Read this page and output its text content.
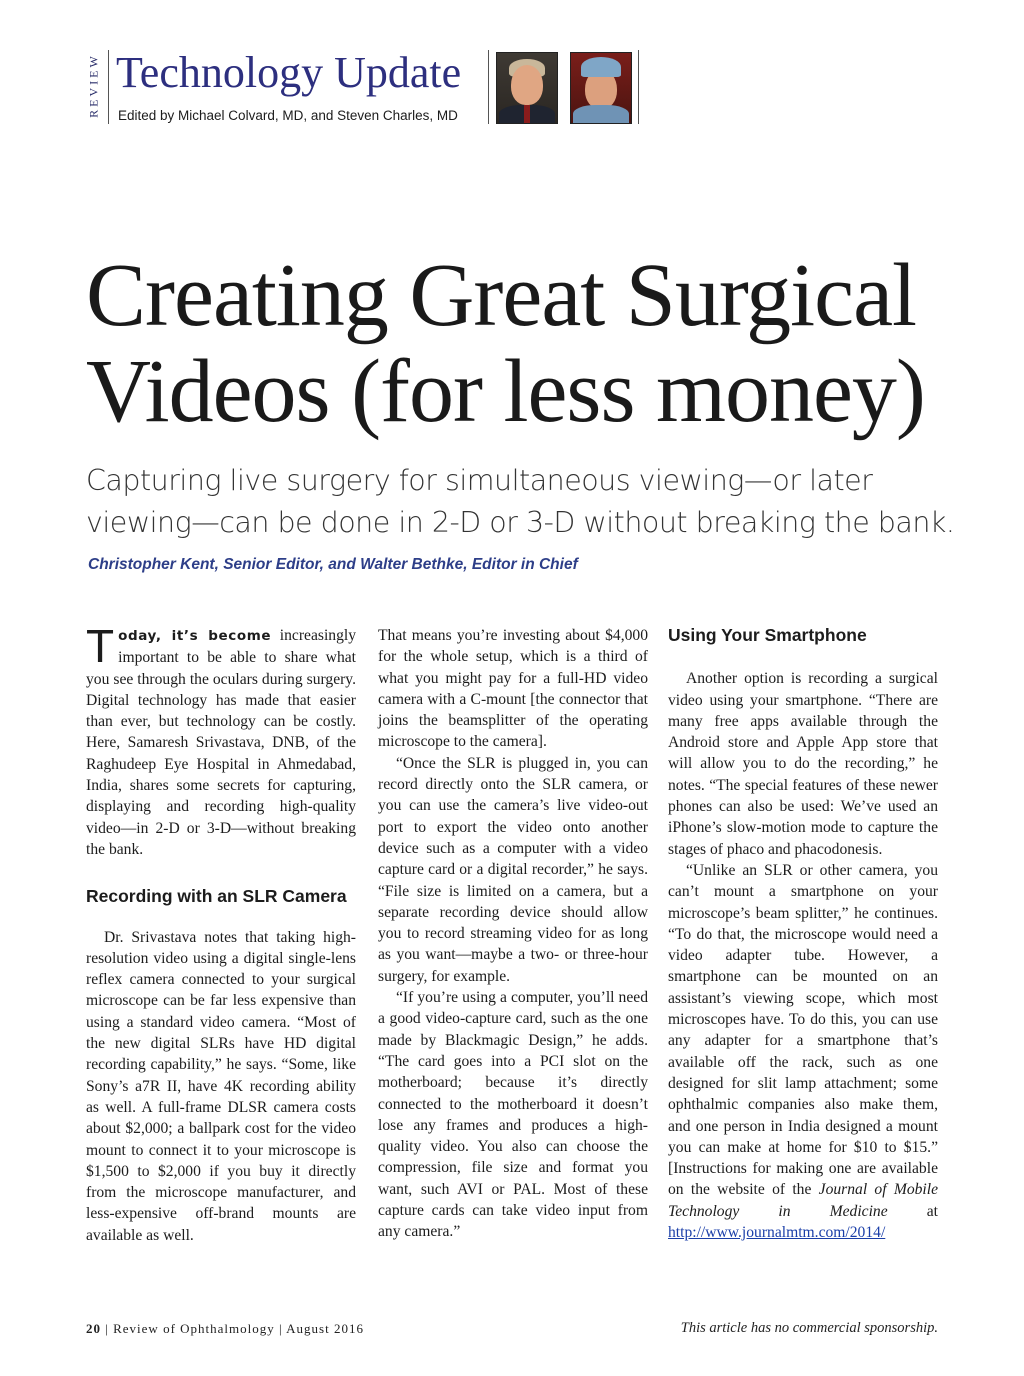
REVIEW Technology Update
Edited by Michael Colvard, MD, and Steven Charles, MD
Creating Great Surgical
Videos (for less money)
Capturing live surgery for simultaneous viewing—or later viewing—can be done in 2-D or 3-D without breaking the bank.
Christopher Kent, Senior Editor, and Walter Bethke, Editor in Chief

Today, it’s become increasingly important to be able to share what you see through the oculars during surgery. Digital technology has made that easier than ever, but technology can be costly. Here, Samaresh Srivastava, DNB, of the Raghudeep Eye Hospital in Ahmedabad, India, shares some secrets for capturing, displaying and recording high-quality video—in 2-D or 3-D—without breaking the bank.

Recording with an SLR Camera

Dr. Srivastava notes that taking high-resolution video using a digital single-lens reflex camera connected to your surgical microscope can be far less expensive than using a standard video camera. “Most of the new digital SLRs have HD digital recording capability,” he says. “Some, like Sony’s a7R II, have 4K recording ability as well. A full-frame DLSR camera costs about $2,000; a ballpark cost for the video mount to connect it to your microscope is $1,500 to $2,000 if you buy it directly from the microscope manufacturer, and less-expensive off-brand mounts are available as well.

That means you’re investing about $4,000 for the whole setup, which is a third of what you might pay for a full-HD video camera with a C-mount [the connector that joins the beamsplitter of the operating microscope to the camera].

“Once the SLR is plugged in, you can record directly onto the SLR camera, or you can use the camera’s live video-out port to export the video onto another device such as a computer with a video capture card or a digital recorder,” he says. “File size is limited on a camera, but a separate recording device should allow you to record streaming video for as long as you want—maybe a two- or three-hour surgery, for example.

“If you’re using a computer, you’ll need a good video-capture card, such as the one made by Blackmagic Design,” he adds. “The card goes into a PCI slot on the motherboard; because it’s directly connected to the motherboard it doesn’t lose any frames and produces a high-quality video. You also can choose the compression, file size and format you want, such AVI or PAL. Most of these capture cards can take video input from any camera.”

Using Your Smartphone

Another option is recording a surgical video using your smartphone. “There are many free apps available through the Android store and Apple App store that will allow you to do the recording,” he notes. “The special features of these newer phones can also be used: We’ve used an iPhone’s slow-motion mode to capture the stages of phaco and phacodonesis.

“Unlike an SLR or other camera, you can’t mount a smartphone on your microscope’s beam splitter,” he continues. “To do that, the microscope would need a video adapter tube. However, a smartphone can be mounted on an assistant’s viewing scope, which most microscopes have. To do this, you can use any adapter for a smartphone that’s available off the rack, such as one designed for slit lamp attachment; some ophthalmic companies also make them, and one person in India designed a mount you can make at home for $10 to $15.” [Instructions for making one are available on the website of the Journal of Mobile Technology in Medicine at http://www.journalmtm.com/2014/

20 | Review of Ophthalmology | August 2016	This article has no commercial sponsorship.
